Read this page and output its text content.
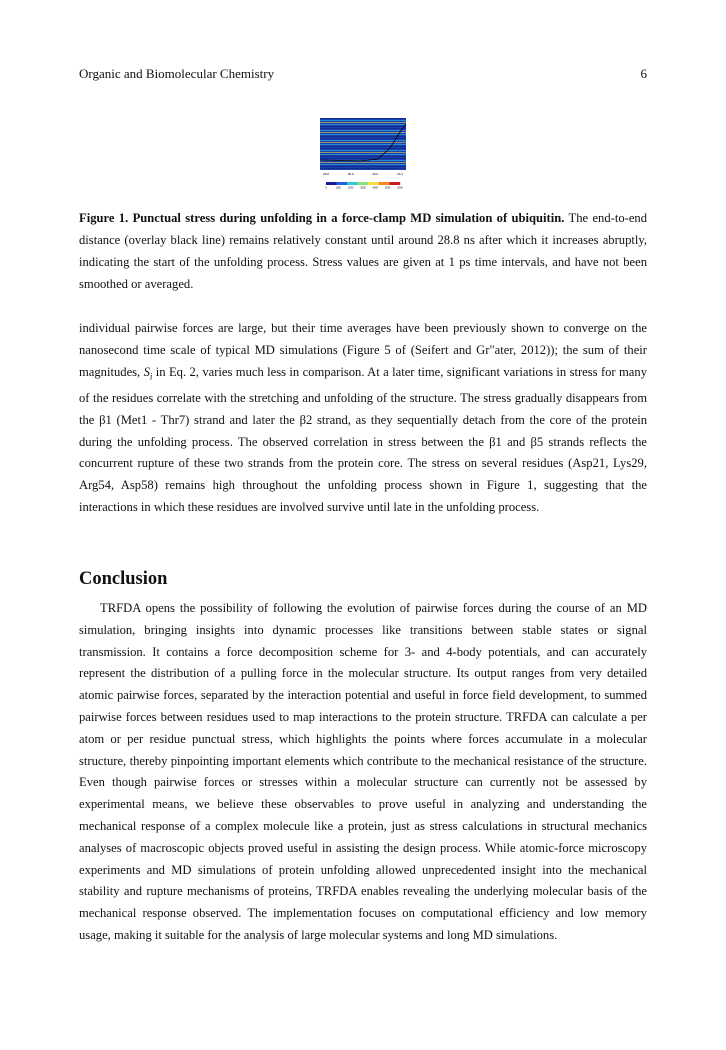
Organic and Biomolecular Chemistry	6
28.8	28.9	29.0	29.1
0	1000	2000	3000	4000	5000	6000
Figure 1. Punctual stress during unfolding in a force-clamp MD simulation of ubiquitin. The end-to-end distance (overlay black line) remains relatively constant until around 28.8 ns after which it increases abruptly, indicating the start of the unfolding process. Stress values are given at 1 ps time intervals, and have not been smoothed or averaged.

individual pairwise forces are large, but their time averages have been previously shown to converge on the nanosecond time scale of typical MD simulations (Figure 5 of (Seifert and Gr"ater, 2012)); the sum of their magnitudes, $S_i$ in Eq. 2, varies much less in comparison. At a later time, significant variations in stress for many of the residues correlate with the stretching and unfolding of the structure. The stress gradually disappears from the β1 (Met1 - Thr7) strand and later the β2 strand, as they sequentially detach from the core of the protein during the unfolding process. The observed correlation in stress between the β1 and β5 strands reflects the concurrent rupture of these two strands from the protein core. The stress on several residues (Asp21, Lys29, Arg54, Asp58) remains high throughout the unfolding process shown in Figure 1, suggesting that the interactions in which these residues are involved survive until late in the unfolding process.

Conclusion

TRFDA opens the possibility of following the evolution of pairwise forces during the course of an MD simulation, bringing insights into dynamic processes like transitions between stable states or signal transmission. It contains a force decomposition scheme for 3- and 4-body potentials, and can accurately represent the distribution of a pulling force in the molecular structure. Its output ranges from very detailed atomic pairwise forces, separated by the interaction potential and useful in force field development, to summed pairwise forces between residues used to map interactions to the protein structure. TRFDA can calculate a per atom or per residue punctual stress, which highlights the points where forces accumulate in a molecular structure, thereby pinpointing important elements which contribute to the mechanical resistance of the structure. Even though pairwise forces or stresses within a molecular structure can currently not be assessed by experimental means, we believe these observables to prove useful in analyzing and understanding the mechanical response of a complex molecule like a protein, just as stress calculations in structural mechanics analyses of macroscopic objects proved useful in assisting the design process. While atomic-force microscopy experiments and MD simulations of protein unfolding allowed unprecedented insight into the mechanical stability and rupture mechanisms of proteins, TRFDA enables revealing the underlying molecular basis of the mechanical response observed. The implementation focuses on computational efficiency and low memory usage, making it suitable for the analysis of large molecular systems and long MD simulations.
